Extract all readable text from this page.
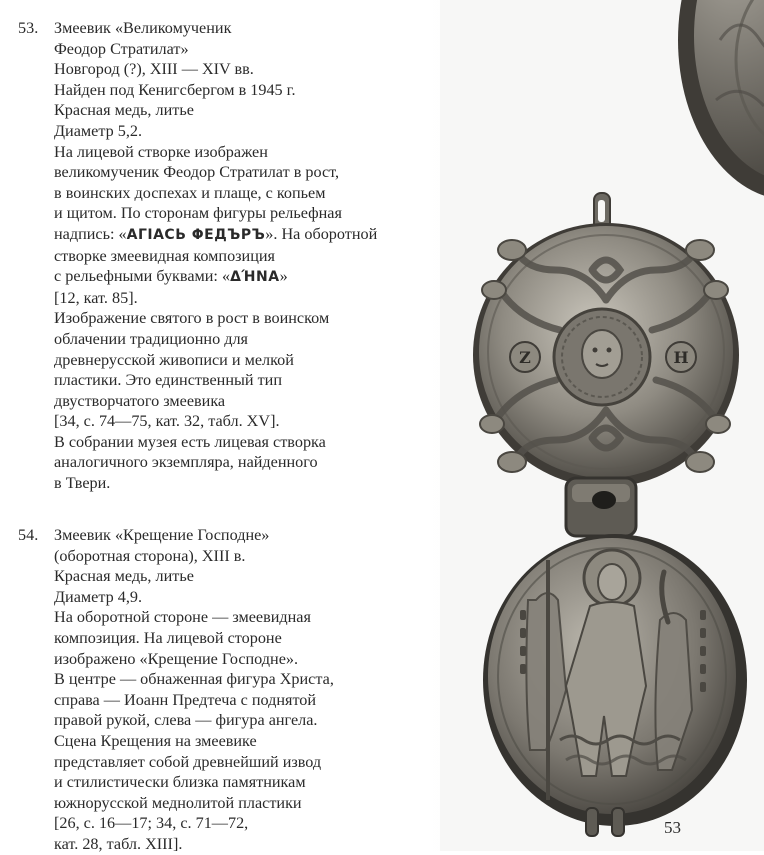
53. Змеевик «Великомученик
Феодор Стратилат»
Новгород (?), XIII — XIV вв.
Найден под Кенигсбергом в 1945 г.
Красная медь, литье
Диаметр 5,2.
На лицевой створке изображен
великомученик Феодор Стратилат в рост,
в воинских доспехах и плаще, с копьем
и щитом. По сторонам фигуры рельефная
надпись: «ΑΓΙΑСЬ ΦΕДЪРЪ». На оборотной
створке змеевидная композиция
с рельефными буквами: «ΔΉΝΑ»
[12, кат. 85].
Изображение святого в рост в воинском
облачении традиционно для
древнерусской живописи и мелкой
пластики. Это единственный тип
двустворчатого змеевика
[34, с. 74—75, кат. 32, табл. XV].
В собрании музея есть лицевая створка
аналогичного экземпляра, найденного
в Твери.
54. Змеевик «Крещение Господне»
(оборотная сторона), XIII в.
Красная медь, литье
Диаметр 4,9.
На оборотной стороне — змеевидная
композиция. На лицевой стороне
изображено «Крещение Господне».
В центре — обнаженная фигура Христа,
справа — Иоанн Предтеча с поднятой
правой рукой, слева — фигура ангела.
Сцена Крещения на змеевике
представляет собой древнейший извод
и стилистически близка памятникам
южнорусской меднолитой пластики
[26, с. 16—17; 34, с. 71—72,
кат. 28, табл. XIII].
Ζ	Η
53
